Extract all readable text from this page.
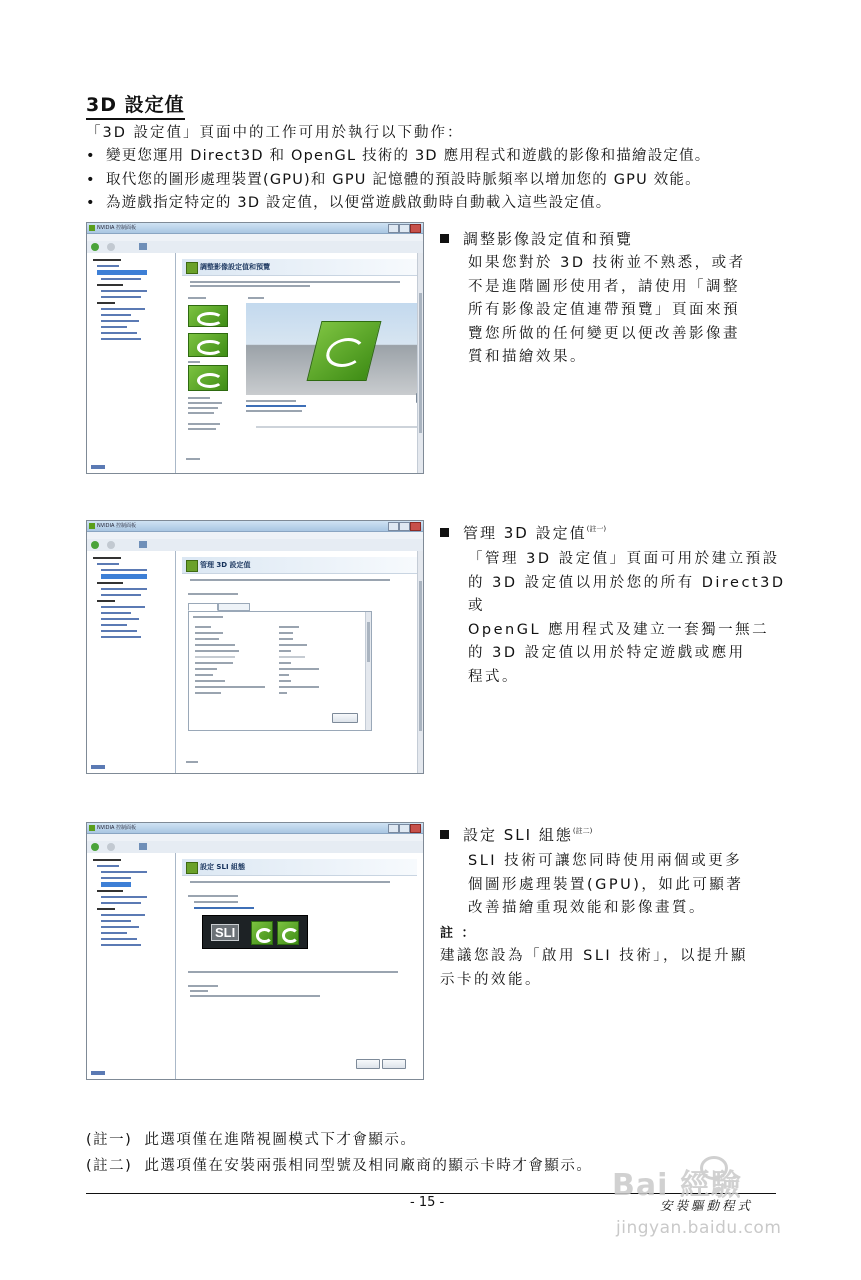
3D 設定值
「3D 設定值」頁面中的工作可用於執行以下動作：
• 變更您運用 Direct3D 和 OpenGL 技術的 3D 應用程式和遊戲的影像和描繪設定值。
• 取代您的圖形處理裝置(GPU)和 GPU 記憶體的預設時脈頻率以增加您的 GPU 效能。
• 為遊戲指定特定的 3D 設定值，以便當遊戲啟動時自動載入這些設定值。
NVIDIA 控制面板
調整影像設定值和預覽
調整影像設定值和預覽
如果您對於 3D 技術並不熟悉，或者
不是進階圖形使用者，請使用「調整
所有影像設定值連帶預覽」頁面來預
覽您所做的任何變更以便改善影像畫
質和描繪效果。
NVIDIA 控制面板
管理 3D 設定值
管理 3D 設定值$^{(註一)}$
「管理 3D 設定值」頁面可用於建立預設
的 3D 設定值以用於您的所有 Direct3D 或
OpenGL 應用程式及建立一套獨一無二
的 3D 設定值以用於特定遊戲或應用
程式。
NVIDIA 控制面板
設定 SLI 組態
SLI
設定 SLI 組態$^{(註二)}$
SLI 技術可讓您同時使用兩個或更多
個圖形處理裝置(GPU)，如此可顯著
改善描繪重現效能和影像畫質。
註 ：
建議您設為「啟用 SLI 技術」，以提升顯
示卡的效能。
(註一) 此選項僅在進階視圖模式下才會顯示。
(註二) 此選項僅在安裝兩張相同型號及相同廠商的顯示卡時才會顯示。
- 15 -	安裝驅動程式
Bai 經驗
jingyan.baidu.com
